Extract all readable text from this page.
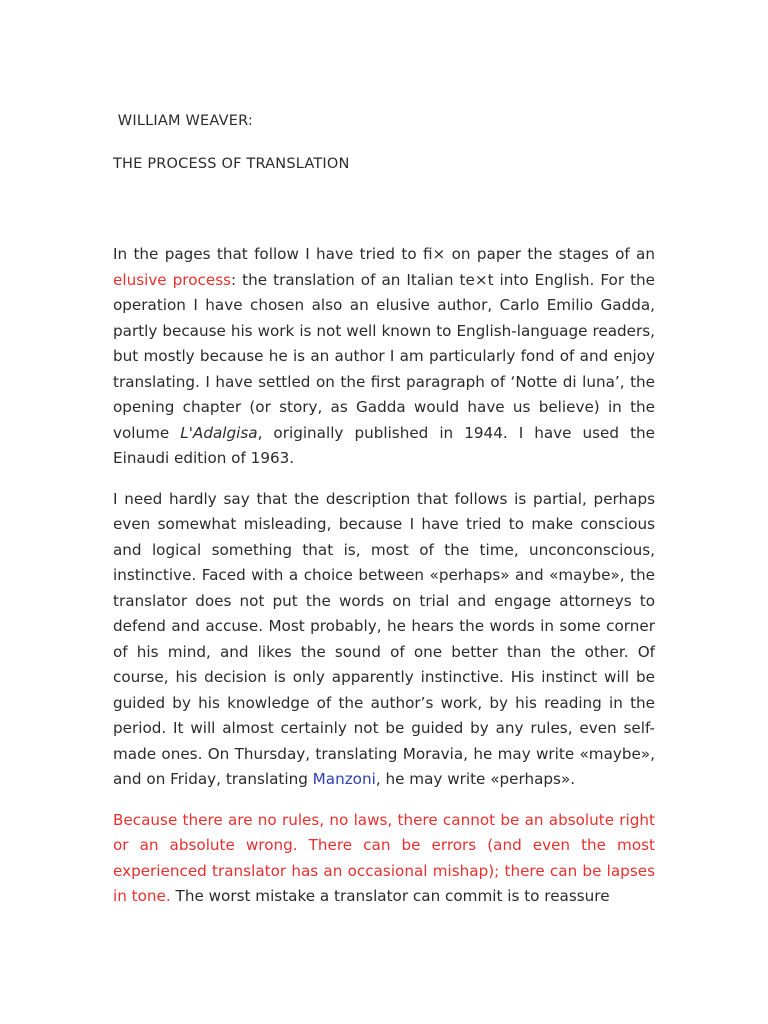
WILLIAM WEAVER:

THE PROCESS OF TRANSLATION

In the pages that follow I have tried to fi× on paper the stages of an elusive process: the translation of an Italian te×t into English. For the operation I have chosen also an elusive author, Carlo Emilio Gadda, partly because his work is not well known to English-language readers, but mostly because he is an author I am particularly fond of and enjoy translating. I have settled on the first paragraph of ‘Notte di luna’, the opening chapter (or story, as Gadda would have us believe) in the volume L'Adalgisa, originally published in 1944. I have used the Einaudi edition of 1963.

I need hardly say that the description that follows is partial, perhaps even somewhat misleading, because I have tried to make conscious and logical something that is, most of the time, unconconscious, instinctive. Faced with a choice between «perhaps» and «maybe», the translator does not put the words on trial and engage attorneys to defend and accuse. Most probably, he hears the words in some corner of his mind, and likes the sound of one better than the other. Of course, his decision is only apparently instinctive. His instinct will be guided by his knowledge of the author’s work, by his reading in the period. It will almost certainly not be guided by any rules, even self-made ones. On Thursday, translating Moravia, he may write «maybe», and on Friday, translating Manzoni, he may write «perhaps».

Because there are no rules, no laws, there cannot be an absolute right or an absolute wrong. There can be errors (and even the most experienced translator has an occasional mishap); there can be lapses in tone. The worst mistake a translator can commit is to reassure
